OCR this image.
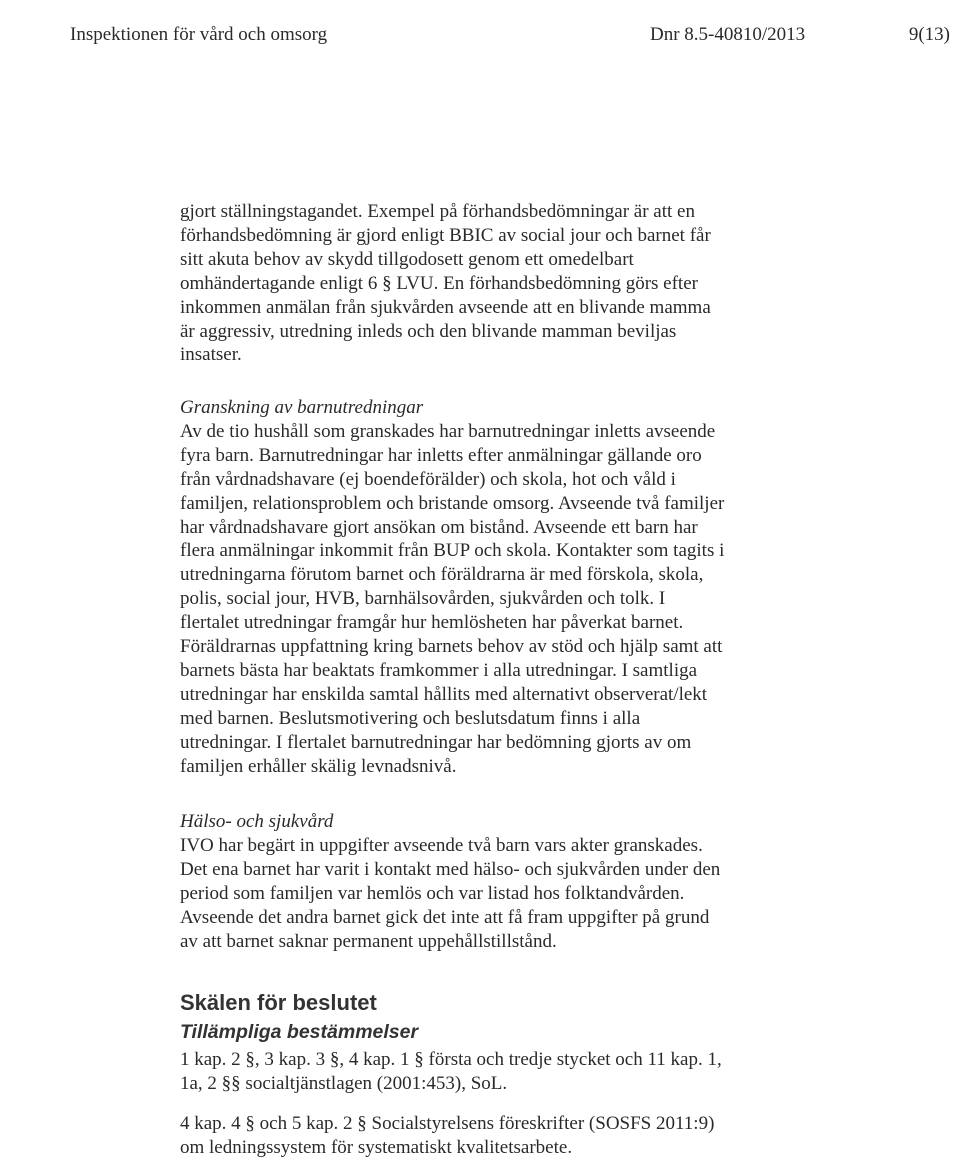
Inspektionen för vård och omsorg	Dnr 8.5-40810/2013	9(13)

gjort ställningstagandet. Exempel på förhandsbedömningar är att en

förhandsbedömning är gjord enligt BBIC av social jour och barnet får

sitt akuta behov av skydd tillgodosett genom ett omedelbart

omhändertagande enligt 6 § LVU. En förhandsbedömning görs efter

inkommen anmälan från sjukvården avseende att en blivande mamma

är aggressiv, utredning inleds och den blivande mamman beviljas

insatser.

Granskning av barnutredningar

Av de tio hushåll som granskades har barnutredningar inletts avseende

fyra barn. Barnutredningar har inletts efter anmälningar gällande oro

från vårdnadshavare (ej boendeförälder) och skola, hot och våld i

familjen, relationsproblem och bristande omsorg. Avseende två familjer

har vårdnadshavare gjort ansökan om bistånd. Avseende ett barn har

flera anmälningar inkommit från BUP och skola. Kontakter som tagits i

utredningarna förutom barnet och föräldrarna är med förskola, skola,

polis, social jour, HVB, barnhälsovården, sjukvården och tolk. I

flertalet utredningar framgår hur hemlösheten har påverkat barnet.

Föräldrarnas uppfattning kring barnets behov av stöd och hjälp samt att

barnets bästa har beaktats framkommer i alla utredningar. I samtliga

utredningar har enskilda samtal hållits med alternativt observerat/lekt

med barnen. Beslutsmotivering och beslutsdatum finns i alla

utredningar. I flertalet barnutredningar har bedömning gjorts av om

familjen erhåller skälig levnadsnivå.

Hälso- och sjukvård

IVO har begärt in uppgifter avseende två barn vars akter granskades.

Det ena barnet har varit i kontakt med hälso- och sjukvården under den

period som familjen var hemlös och var listad hos folktandvården.

Avseende det andra barnet gick det inte att få fram uppgifter på grund

av att barnet saknar permanent uppehållstillstånd.

Skälen för beslutet
Tillämpliga bestämmelser

1 kap. 2 §, 3 kap. 3 §, 4 kap. 1 § första och tredje stycket och 11 kap. 1,

1a, 2 §§ socialtjänstlagen (2001:453), SoL.

4 kap. 4 § och 5 kap. 2 § Socialstyrelsens föreskrifter (SOSFS 2011:9)

om ledningssystem för systematiskt kvalitetsarbete.
